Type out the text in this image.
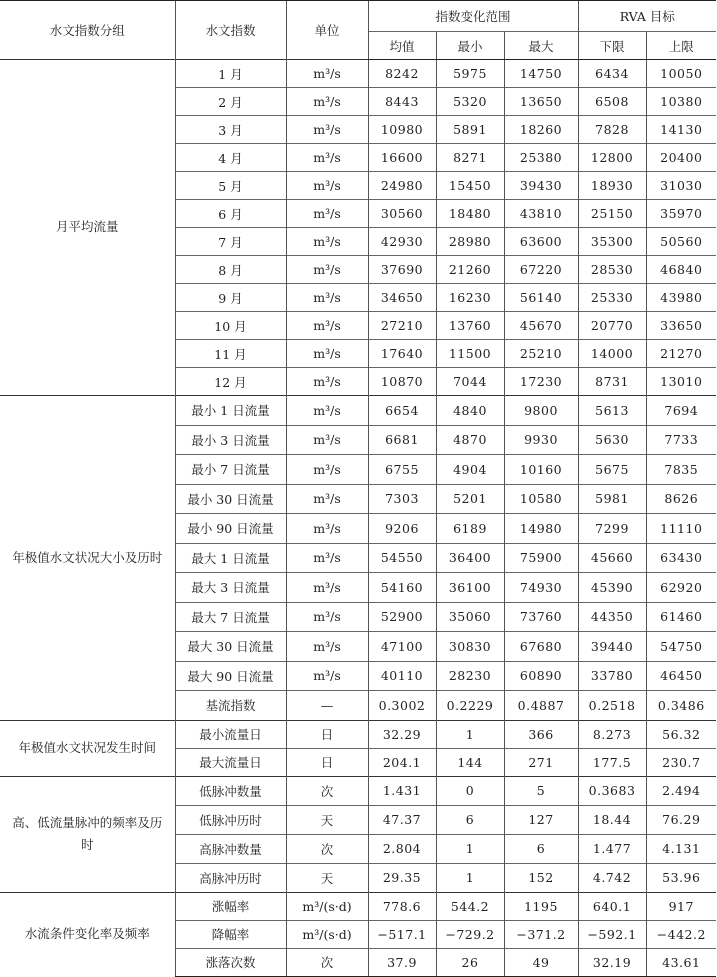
水文指数分组	水文指数	单位	指数变化范围			RVA 目标	
			均值	最小	最大	下限	上限
月平均流量	1 月	m³/s	8242	5975	14750	6434	10050
	2 月	m³/s	8443	5320	13650	6508	10380
	3 月	m³/s	10980	5891	18260	7828	14130
	4 月	m³/s	16600	8271	25380	12800	20400
	5 月	m³/s	24980	15450	39430	18930	31030
	6 月	m³/s	30560	18480	43810	25150	35970
	7 月	m³/s	42930	28980	63600	35300	50560
	8 月	m³/s	37690	21260	67220	28530	46840
	9 月	m³/s	34650	16230	56140	25330	43980
	10 月	m³/s	27210	13760	45670	20770	33650
	11 月	m³/s	17640	11500	25210	14000	21270
	12 月	m³/s	10870	7044	17230	8731	13010
年极值水文状况大小及历时	最小 1 日流量	m³/s	6654	4840	9800	5613	7694
	最小 3 日流量	m³/s	6681	4870	9930	5630	7733
	最小 7 日流量	m³/s	6755	4904	10160	5675	7835
	最小 30 日流量	m³/s	7303	5201	10580	5981	8626
	最小 90 日流量	m³/s	9206	6189	14980	7299	11110
	最大 1 日流量	m³/s	54550	36400	75900	45660	63430
	最大 3 日流量	m³/s	54160	36100	74930	45390	62920
	最大 7 日流量	m³/s	52900	35060	73760	44350	61460
	最大 30 日流量	m³/s	47100	30830	67680	39440	54750
	最大 90 日流量	m³/s	40110	28230	60890	33780	46450
	基流指数	—	0.3002	0.2229	0.4887	0.2518	0.3486
年极值水文状况发生时间	最小流量日	日	32.29	1	366	8.273	56.32
	最大流量日	日	204.1	144	271	177.5	230.7
高、低流量脉冲的频率及历时	低脉冲数量	次	1.431	0	5	0.3683	2.494
	低脉冲历时	天	47.37	6	127	18.44	76.29
	高脉冲数量	次	2.804	1	6	1.477	4.131
	高脉冲历时	天	29.35	1	152	4.742	53.96
水流条件变化率及频率	涨幅率	m³/(s·d)	778.6	544.2	1195	640.1	917
	降幅率	m³/(s·d)	−517.1	−729.2	−371.2	−592.1	−442.2
	涨落次数	次	37.9	26	49	32.19	43.61
